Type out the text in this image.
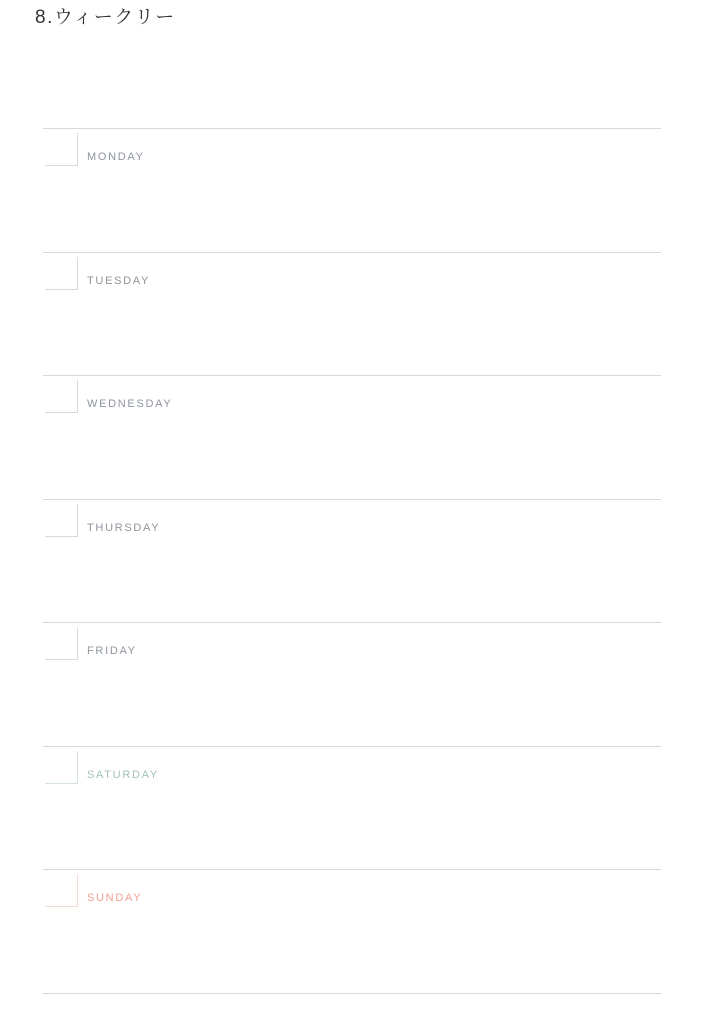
8.ウィークリー
MONDAY
TUESDAY
WEDNESDAY
THURSDAY
FRIDAY
SATURDAY
SUNDAY
